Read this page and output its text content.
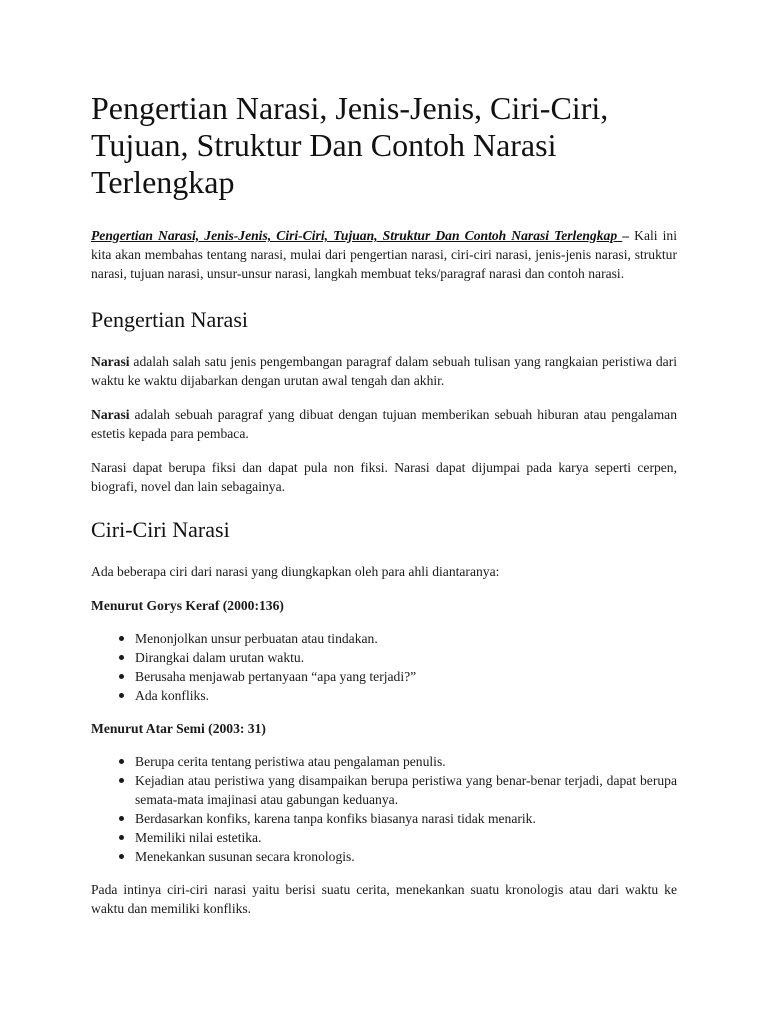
Pengertian Narasi, Jenis-Jenis, Ciri-Ciri, Tujuan, Struktur Dan Contoh Narasi Terlengkap

Pengertian Narasi, Jenis-Jenis, Ciri-Ciri, Tujuan, Struktur Dan Contoh Narasi Terlengkap – Kali ini kita akan membahas tentang narasi, mulai dari pengertian narasi, ciri-ciri narasi, jenis-jenis narasi, struktur narasi, tujuan narasi, unsur-unsur narasi, langkah membuat teks/paragraf narasi dan contoh narasi.

Pengertian Narasi

Narasi adalah salah satu jenis pengembangan paragraf dalam sebuah tulisan yang rangkaian peristiwa dari waktu ke waktu dijabarkan dengan urutan awal tengah dan akhir.

Narasi adalah sebuah paragraf yang dibuat dengan tujuan memberikan sebuah hiburan atau pengalaman estetis kepada para pembaca.

Narasi dapat berupa fiksi dan dapat pula non fiksi. Narasi dapat dijumpai pada karya seperti cerpen, biografi, novel dan lain sebagainya.

Ciri-Ciri Narasi

Ada beberapa ciri dari narasi yang diungkapkan oleh para ahli diantaranya:

Menurut Gorys Keraf (2000:136)
Menonjolkan unsur perbuatan atau tindakan.
Dirangkai dalam urutan waktu.
Berusaha menjawab pertanyaan “apa yang terjadi?”
Ada konfliks.
Menurut Atar Semi (2003: 31)
Berupa cerita tentang peristiwa atau pengalaman penulis.
Kejadian atau peristiwa yang disampaikan berupa peristiwa yang benar-benar terjadi, dapat berupa semata-mata imajinasi atau gabungan keduanya.
Berdasarkan konfiks, karena tanpa konfiks biasanya narasi tidak menarik.
Memiliki nilai estetika.
Menekankan susunan secara kronologis.

Pada intinya ciri-ciri narasi yaitu berisi suatu cerita, menekankan suatu kronologis atau dari waktu ke waktu dan memiliki konfliks.
